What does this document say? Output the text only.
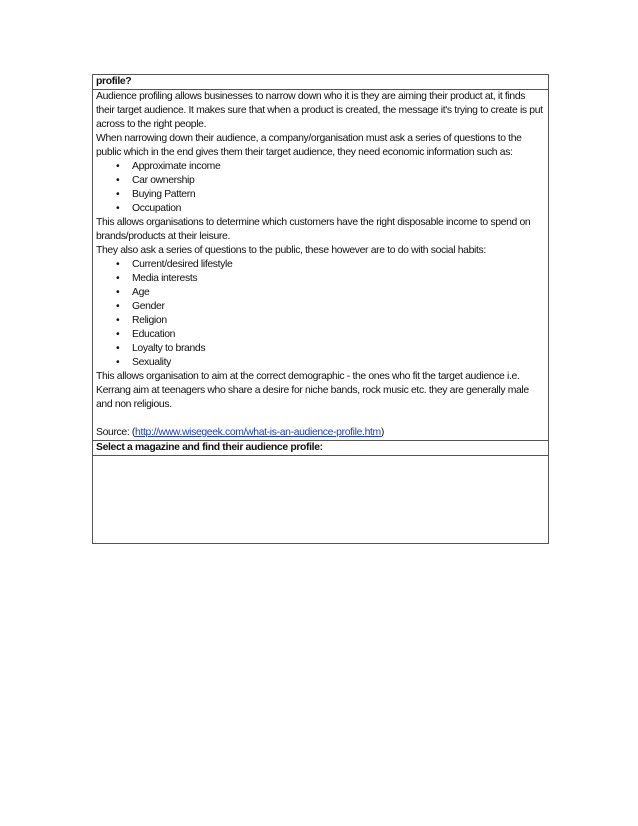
profile?

Audience profiling allows businesses to narrow down who it is they are aiming their product at, it finds their target audience. It makes sure that when a product is created, the message it's trying to create is put across to the right people.

When narrowing down their audience, a company/organisation must ask a series of questions to the public which in the end gives them their target audience, they need economic information such as:

• Approximate income
• Car ownership
• Buying Pattern
• Occupation

This allows organisations to determine which customers have the right disposable income to spend on brands/products at their leisure.

They also ask a series of questions to the public, these however are to do with social habits:

• Current/desired lifestyle
• Media interests
• Age
• Gender
• Religion
• Education
• Loyalty to brands
• Sexuality

This allows organisation to aim at the correct demographic - the ones who fit the target audience i.e. Kerrang aim at teenagers who share a desire for niche bands, rock music etc. they are generally male and non religious.

Source: (http://www.wisegeek.com/what-is-an-audience-profile.htm)

Select a magazine and find their audience profile:
